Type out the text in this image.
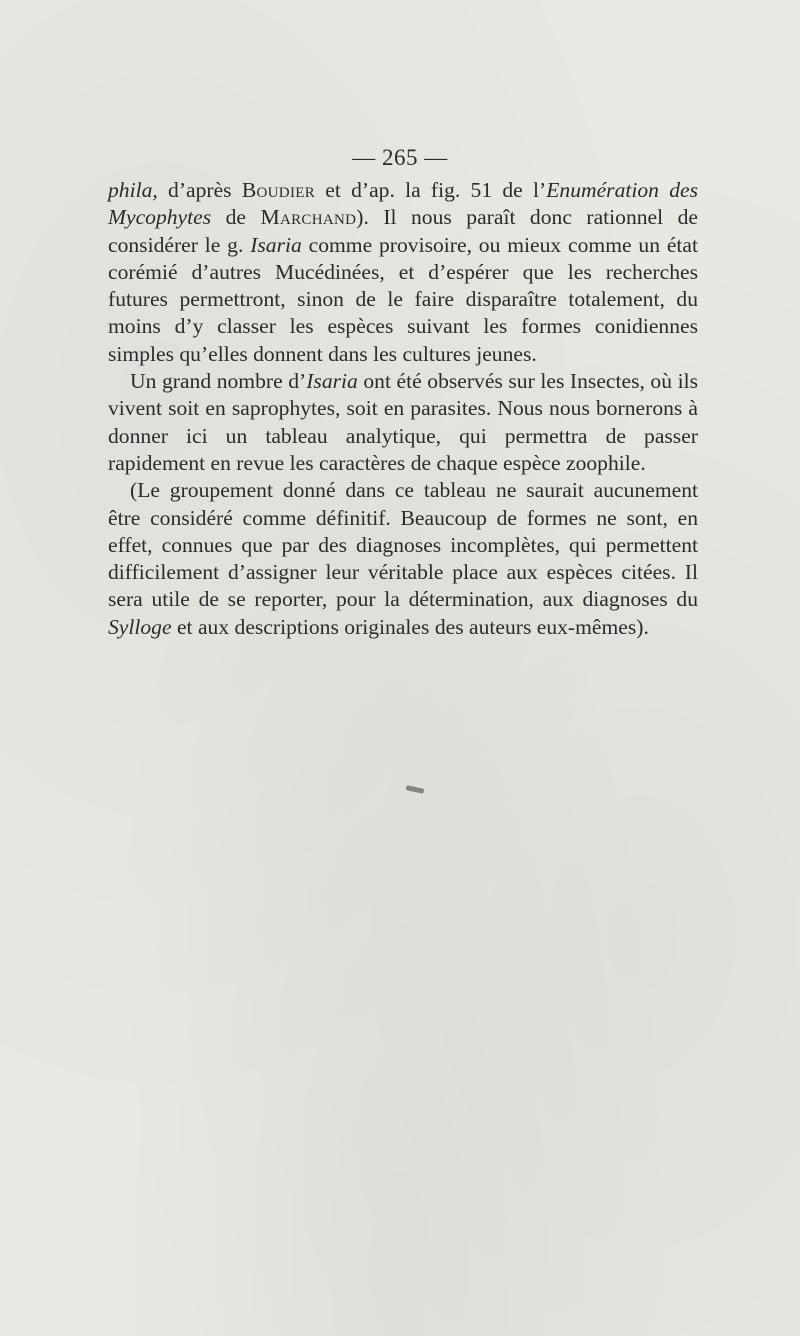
— 265 —

phila, d’après Boudier et d’ap. la fig. 51 de l’Enumération des Mycophytes de Marchand). Il nous paraît donc rationnel de considérer le g. Isaria comme provisoire, ou mieux comme un état corémié d’autres Mucédinées, et d’espérer que les recherches futures permettront, sinon de le faire disparaître totalement, du moins d’y classer les espèces suivant les formes conidiennes simples qu’elles donnent dans les cultures jeunes.

Un grand nombre d’Isaria ont été observés sur les Insectes, où ils vivent soit en saprophytes, soit en parasites. Nous nous bornerons à donner ici un tableau analytique, qui permettra de passer rapidement en revue les caractères de chaque espèce zoophile.

(Le groupement donné dans ce tableau ne saurait aucunement être considéré comme définitif. Beaucoup de formes ne sont, en effet, connues que par des diagnoses incomplètes, qui permettent difficilement d’assigner leur véritable place aux espèces citées. Il sera utile de se reporter, pour la détermination, aux diagnoses du Sylloge et aux descriptions originales des auteurs eux-mêmes).
